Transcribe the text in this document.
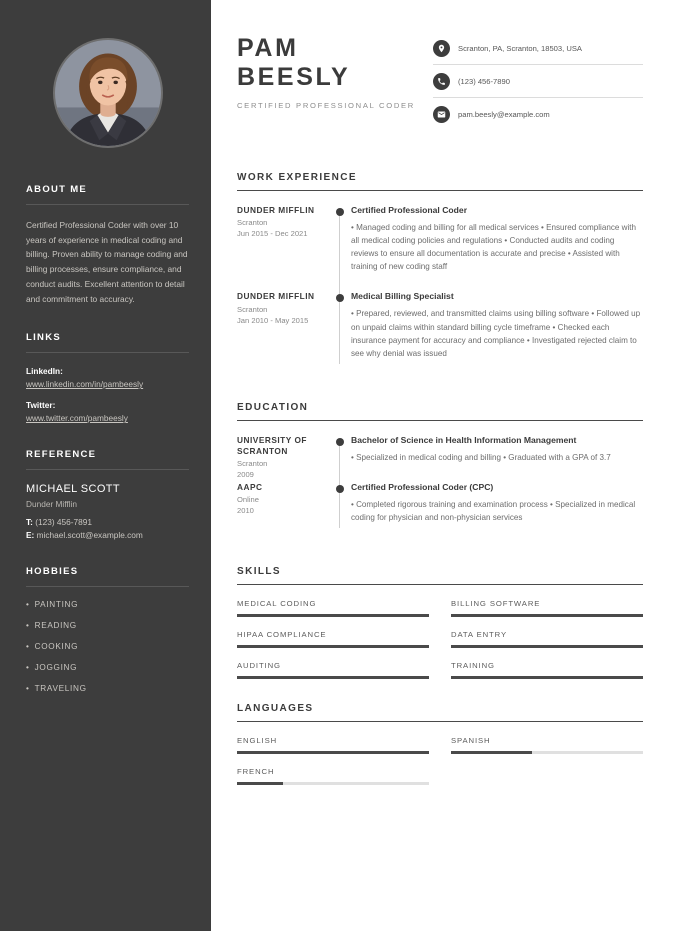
ABOUT ME

Certified Professional Coder with over 10 years of experience in medical coding and billing. Proven ability to manage coding and billing processes, ensure compliance, and conduct audits. Excellent attention to detail and commitment to accuracy.

LINKS
LinkedIn:
www.linkedin.com/in/pambeesly
Twitter:
www.twitter.com/pambeesly
REFERENCE
MICHAEL SCOTT
Dunder Mifflin
T: (123) 456-7891
E: michael.scott@example.com
HOBBIES
• PAINTING
• READING
• COOKING
• JOGGING
• TRAVELING
PAM
BEESLY
CERTIFIED PROFESSIONAL CODER
Scranton, PA, Scranton, 18503, USA
(123) 456-7890
pam.beesly@example.com
WORK EXPERIENCE
DUNDER MIFFLIN
Scranton
Jun 2015 - Dec 2021
Certified Professional Coder
• Managed coding and billing for all medical services • Ensured compliance with all medical coding policies and regulations • Conducted audits and coding reviews to ensure all documentation is accurate and precise • Assisted with training of new coding staff
DUNDER MIFFLIN
Scranton
Jan 2010 - May 2015
Medical Billing Specialist
• Prepared, reviewed, and transmitted claims using billing software • Followed up on unpaid claims within standard billing cycle timeframe • Checked each insurance payment for accuracy and compliance • Investigated rejected claim to see why denial was issued
EDUCATION
UNIVERSITY OF SCRANTON
Scranton
2009
Bachelor of Science in Health Information Management
• Specialized in medical coding and billing • Graduated with a GPA of 3.7
AAPC
Online
2010
Certified Professional Coder (CPC)
• Completed rigorous training and examination process • Specialized in medical coding for physician and non-physician services
SKILLS
MEDICAL CODING	BILLING SOFTWARE
HIPAA COMPLIANCE	DATA ENTRY
AUDITING	TRAINING
LANGUAGES
ENGLISH	SPANISH
FRENCH
